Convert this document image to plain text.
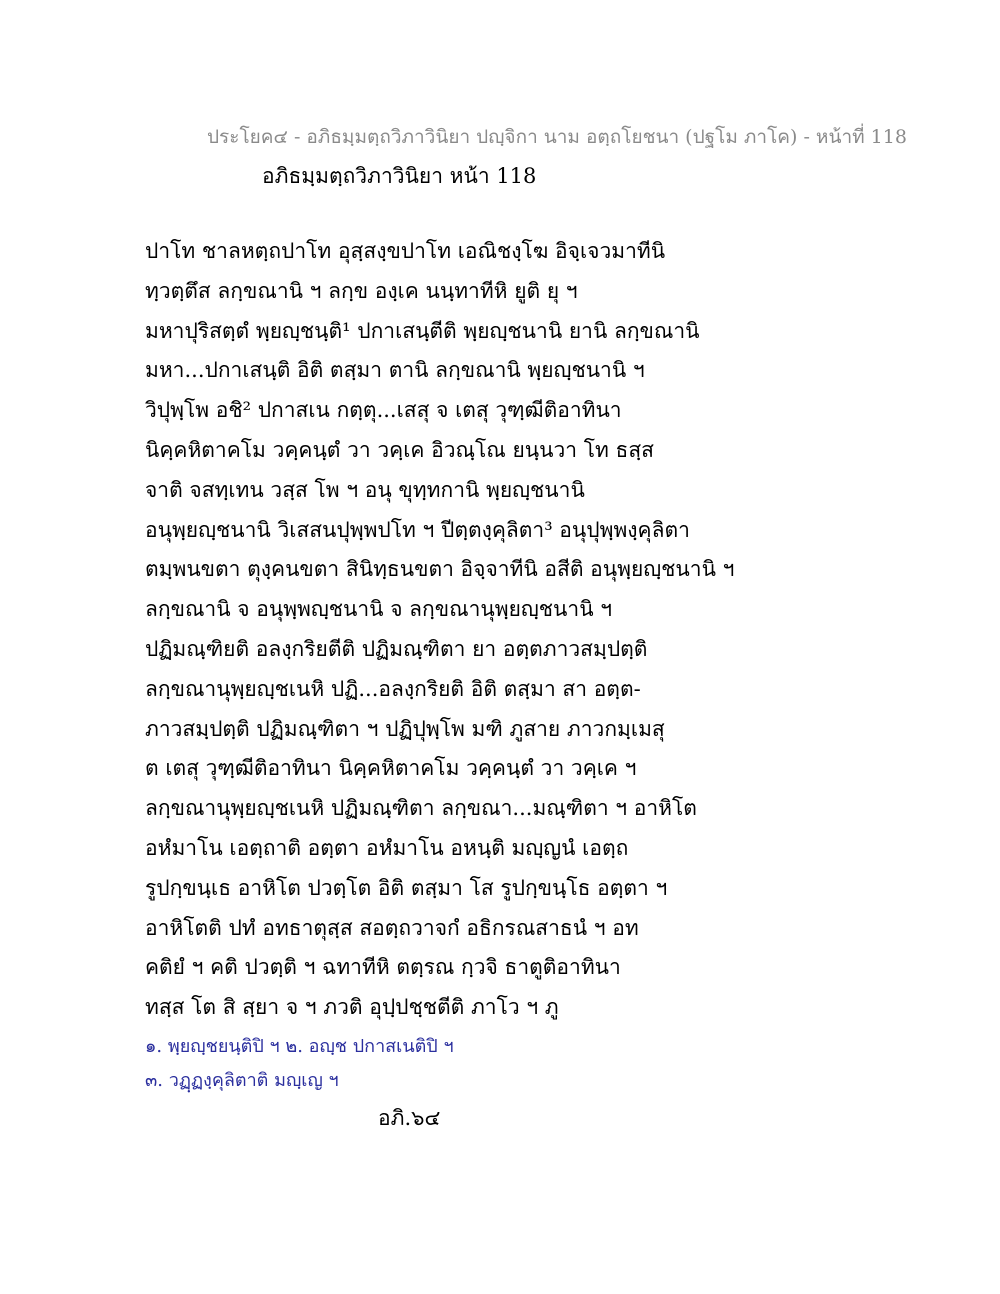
ประโยค๔ - อภิธมฺมตฺถวิภาวินิยา ปญฺจิกา นาม อตฺถโยชนา (ปฐโม ภาโค) - หน้าที่ 118
อภิธมฺมตฺถวิภาวินิยา หน้า 118
ปาโท ชาลหตฺถปาโท อุสฺสงฺขปาโท เอณิชงฺโฆ อิจฺเจวมาทีนิ
ทฺวตฺตึส ลกฺขณานิ ฯ ลกฺข องฺเค นนฺทาทีหิ ยูติ ยุ ฯ
มหาปุริสตฺตํ พฺยญฺชนฺติ¹ ปกาเสนฺตีติ พฺยญฺชนานิ ยานิ ลกฺขณานิ
มหา...ปกาเสนฺติ อิติ ตสฺมา ตานิ ลกฺขณานิ พฺยญฺชนานิ ฯ
วิปุพฺโพ อชิ² ปกาสเน กตฺตุ...เสสุ จ เตสุ วุฑฺฒีติอาทินา
นิคฺคหิตาคโม วคฺคนฺตํ วา วคฺเค อิวณฺโณ ยนฺนวา โท ธสฺส
จาติ จสทฺเทน วสฺส โพ ฯ อนุ ขุทฺทกานิ พฺยญฺชนานิ
อนุพฺยญฺชนานิ วิเสสนปุพฺพปโท ฯ ปีตฺตงฺคุลิตา³ อนุปุพฺพงฺคุลิตา
ตมฺพนขตา ตุงฺคนขตา สินิทฺธนขตา อิจฺจาทีนิ อสีติ อนุพฺยญฺชนานิ ฯ
ลกฺขณานิ จ อนุพฺพญฺชนานิ จ ลกฺขณานุพฺยญฺชนานิ ฯ
ปฏิมณฺฑิยติ อลงฺกริยตีติ ปฏิมณฺฑิตา ยา อตฺตภาวสมฺปตฺติ
ลกฺขณานุพฺยญฺชเนหิ ปฏิ...อลงฺกริยติ อิติ ตสฺมา สา อตฺต-
ภาวสมฺปตฺติ ปฏิมณฺฑิตา ฯ ปฏิปุพฺโพ มฑิ ภูสาย ภาวกมฺเมสุ
ต เตสุ วุฑฺฒีติอาทินา นิคฺคหิตาคโม วคฺคนฺตํ วา วคฺเค ฯ
ลกฺขณานุพฺยญฺชเนหิ ปฏิมณฺฑิตา ลกฺขณา...มณฺฑิตา ฯ อาหิโต
อหํมาโน เอตฺถาติ อตฺตา อหํมาโน อหนฺติ มญฺญนํ เอตฺถ
รูปกฺขนฺเธ อาหิโต ปวตฺโต อิติ ตสฺมา โส รูปกฺขนฺโธ อตฺตา ฯ
อาหิโตติ ปทํ อทธาตุสฺส สอตฺถวาจกํ อธิกรณสาธนํ ฯ อท
คติยํ ฯ คติ ปวตฺติ ฯ ฉทาทีหิ ตตฺรณ กฺวจิ ธาตูติอาทินา
ทสฺส โต สิ สฺยา จ ฯ ภวติ อุปฺปชฺชตีติ ภาโว ฯ ภู
๑. พฺยญฺชยนฺติปิ ฯ ๒. อญฺช ปกาสเนติปิ ฯ
๓. วฏฺฏงฺคุลิตาติ มญฺเญ ฯ
อภิ.๖๔
